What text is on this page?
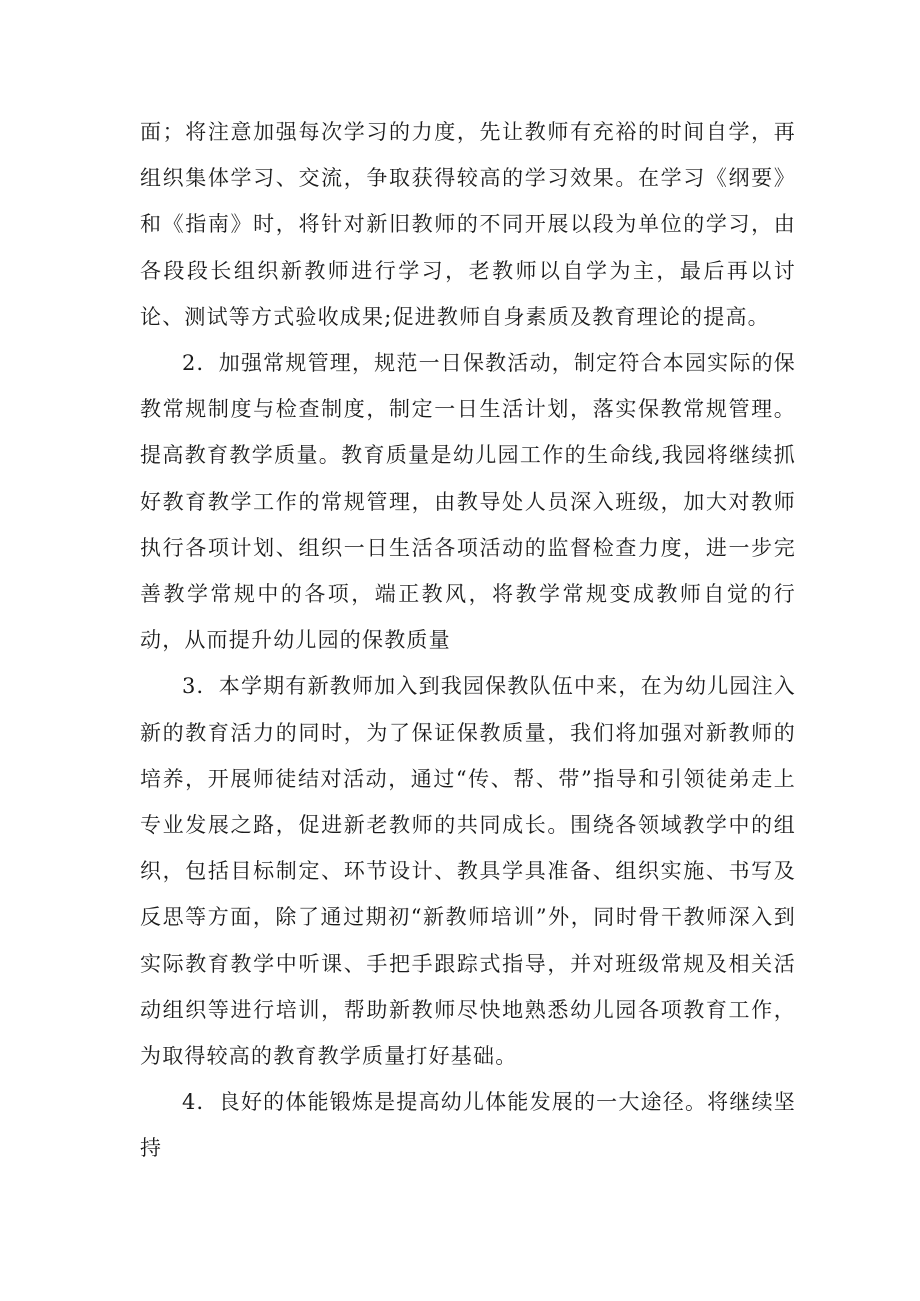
面；将注意加强每次学习的力度，先让教师有充裕的时间自学，再组织集体学习、交流，争取获得较高的学习效果。在学习《纲要》和《指南》时，将针对新旧教师的不同开展以段为单位的学习，由各段段长组织新教师进行学习，老教师以自学为主，最后再以讨论、测试等方式验收成果;促进教师自身素质及教育理论的提高。

2．加强常规管理，规范一日保教活动，制定符合本园实际的保教常规制度与检查制度，制定一日生活计划，落实保教常规管理。提高教育教学质量。教育质量是幼儿园工作的生命线,我园将继续抓好教育教学工作的常规管理，由教导处人员深入班级，加大对教师执行各项计划、组织一日生活各项活动的监督检查力度，进一步完善教学常规中的各项，端正教风，将教学常规变成教师自觉的行动，从而提升幼儿园的保教质量

3．本学期有新教师加入到我园保教队伍中来，在为幼儿园注入新的教育活力的同时，为了保证保教质量，我们将加强对新教师的培养，开展师徒结对活动，通过“传、帮、带”指导和引领徒弟走上专业发展之路，促进新老教师的共同成长。围绕各领域教学中的组织，包括目标制定、环节设计、教具学具准备、组织实施、书写及反思等方面，除了通过期初“新教师培训”外，同时骨干教师深入到实际教育教学中听课、手把手跟踪式指导，并对班级常规及相关活动组织等进行培训，帮助新教师尽快地熟悉幼儿园各项教育工作，为取得较高的教育教学质量打好基础。

4．良好的体能锻炼是提高幼儿体能发展的一大途径。将继续坚持
